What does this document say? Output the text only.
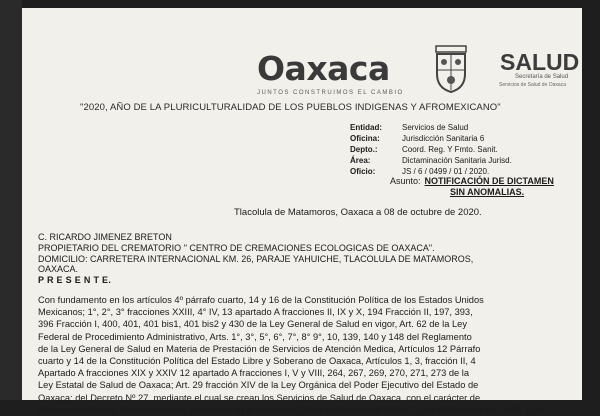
Oaxaca
JUNTOS CONSTRUIMOS EL CAMBIO
SALUD
Secretaría de Salud
Servicios de Salud de Oaxaca
"2020, AÑO DE LA PLURICULTURALIDAD DE LOS PUEBLOS INDIGENAS Y AFROMEXICANO"
Entidad:	Servicios de Salud
Oficina:	Jurisdicción Sanitaria 6
Depto.:	Coord. Reg. Y Fmto. Sanit.
Área:	Dictaminación Sanitaria Jurisd.
Oficio:	JS / 6 / 0499 / 01 / 2020.
Asunto: NOTIFICACIÓN DE DICTAMEN
SIN ANOMALIAS.
Tlacolula de Matamoros, Oaxaca a 08 de octubre de 2020.
C. RICARDO JIMENEZ BRETON
PROPIETARIO DEL CREMATORIO " CENTRO DE CREMACIONES ECOLOGICAS DE OAXACA".
DOMICILIO: CARRETERA INTERNACIONAL KM. 26, PARAJE YAHUICHE, TLACOLULA DE MATAMOROS,
OAXACA.
P R E S E N T E.

Con fundamento en los artículos 4º párrafo cuarto, 14 y 16 de la Constitución Política de los Estados Unidos

Mexicanos; 1°, 2°, 3° fracciones XXIII, 4° IV, 13 apartado A fracciones II, IX y X, 194 Fracción II, 197, 393,

396 Fracción I, 400, 401, 401 bis1, 401 bis2 y 430 de la Ley General de Salud en vigor, Art. 62 de la Ley

Federal de Procedimiento Administrativo, Arts. 1°, 3°, 5°, 6°, 7°, 8° 9°, 10, 139, 140 y 148 del Reglamento

de la Ley General de Salud en Materia de Prestación de Servicios de Atención Medica, Artículos 12 Párrafo

cuarto y 14 de la Constitución Política del Estado Libre y Soberano de Oaxaca, Artículos 1, 3, fracción II, 4

Apartado A fracciones XIX y XXIV 12 apartado A fracciones I, V y VIII, 264, 267, 269, 270, 271, 273 de la

Ley Estatal de Salud de Oaxaca; Art. 29 fracción XIV de la Ley Orgánica del Poder Ejecutivo del Estado de

Oaxaca; del Decreto Nº 27, mediante el cual se crean los Servicios de Salud de Oaxaca, con el carácter de

Organismo Público Descentralizado, publicado en el Periódico Oficial del Estado de fecha 23 de Septiembre de 1996, y por
